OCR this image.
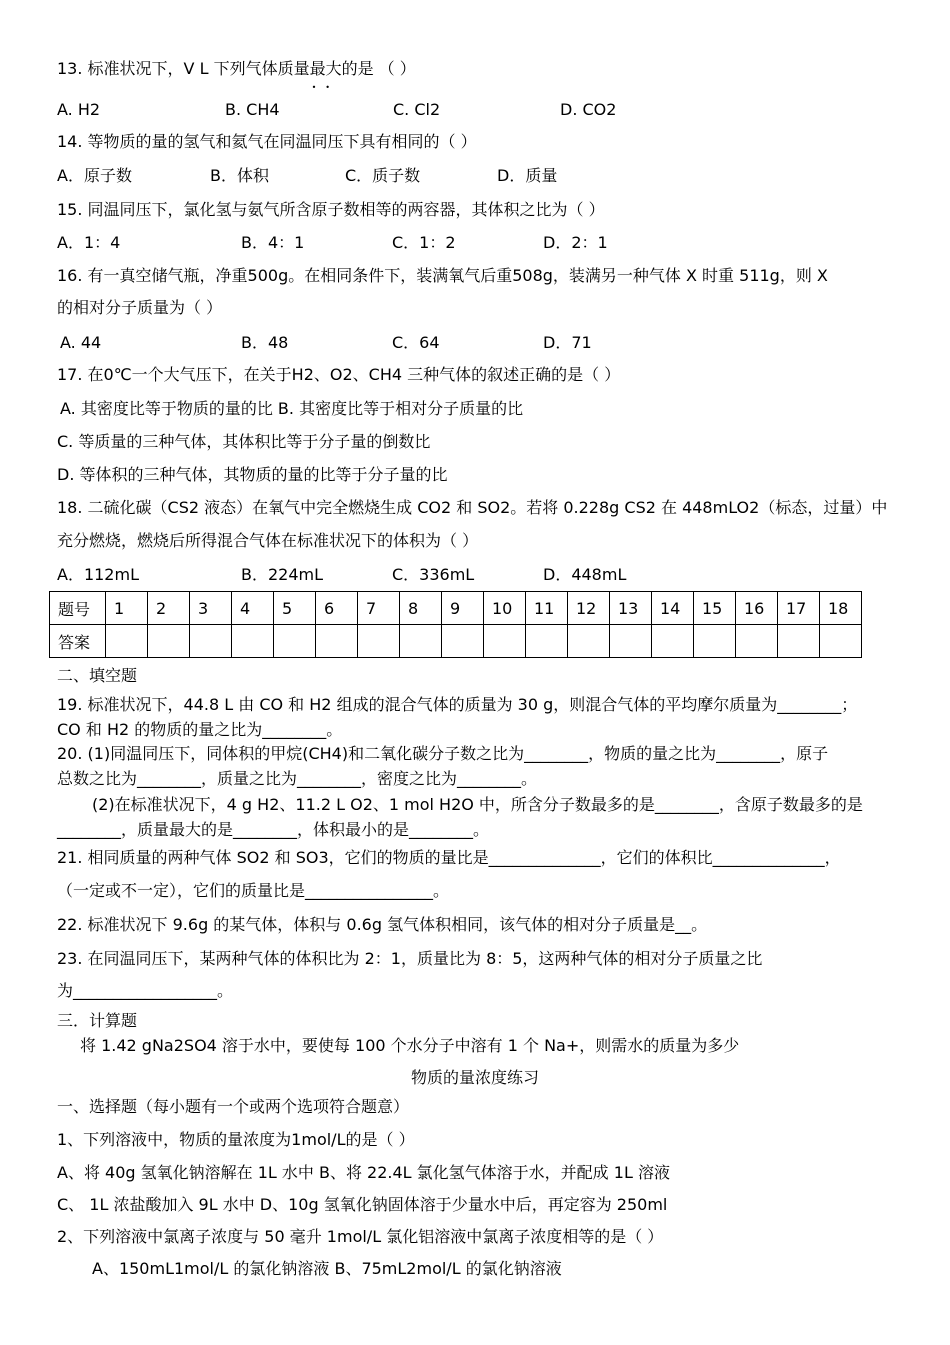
13. 标准状况下，V L 下列气体质量最大
••
的是 （ ）
A. H2	B. CH4	C. Cl2	D. CO2
14. 等物质的量的氢气和氦气在同温同压下具有相同的（ ）
A．原子数	B．体积	C．质子数	D．质量
15. 同温同压下，氯化氢与氨气所含原子数相等的两容器，其体积之比为（ ）
A．1：4	B．4：1	C．1：2	D．2：1
16. 有一真空储气瓶，净重500g。在相同条件下，装满氧气后重508g，装满另一种气体 X 时重 511g，则 X
的相对分子质量为（ ）
A. 44	B．48	C．64	D．71
17. 在0℃一个大气压下，在关于H2、O2、CH4 三种气体的叙述正确的是（ ）
A. 其密度比等于物质的量的比 B. 其密度比等于相对分子质量的比
C. 等质量的三种气体，其体积比等于分子量的倒数比
D. 等体积的三种气体，其物质的量的比等于分子量的比
18. 二硫化碳（CS2 液态）在氧气中完全燃烧生成 CO2 和 SO2。若将 0.228g CS2 在 448mLO2（标态，过量）中
充分燃烧，燃烧后所得混合气体在标准状况下的体积为（ ）
A．112mL	B．224mL	C．336mL	D．448mL
题号	1	2	3	4	5	6	7	8	9	10	11	12	13	14	15	16	17	18
答案																		
二、填空题
19. 标准状况下，44.8 L 由 CO 和 H2 组成的混合气体的质量为 30 g，则混合气体的平均摩尔质量为________；
CO 和 H2 的物质的量之比为________。
20. (1)同温同压下，同体积的甲烷(CH4)和二氧化碳分子数之比为________，物质的量之比为________，原子
总数之比为________，质量之比为________，密度之比为________。
(2)在标准状况下，4 g H2、11.2 L O2、1 mol H2O 中，所含分子数最多的是________，含原子数最多的是
________，质量最大的是________，体积最小的是________。
21. 相同质量的两种气体 SO2 和 SO3，它们的物质的量比是______________，它们的体积比______________，
（一定或不一定），它们的质量比是________________。
22. 标准状况下 9.6g 的某气体，体积与 0.6g 氢气体积相同，该气体的相对分子质量是__。
23. 在同温同压下，某两种气体的体积比为 2：1，质量比为 8：5，这两种气体的相对分子质量之比
为__________________。
三．计算题
将 1.42 gNa2SO4 溶于水中，要使每 100 个水分子中溶有 1 个 Na+，则需水的质量为多少
物质的量浓度练习
一、选择题（每小题有一个或两个选项符合题意）
1、下列溶液中，物质的量浓度为1mol/L的是（ ）
A、将 40g 氢氧化钠溶解在 1L 水中 B、将 22.4L 氯化氢气体溶于水，并配成 1L 溶液
C、 1L 浓盐酸加入 9L 水中 D、10g 氢氧化钠固体溶于少量水中后，再定容为 250ml
2、下列溶液中氯离子浓度与 50 毫升 1mol/L 氯化铝溶液中氯离子浓度相等的是（ ）
A、150mL1mol/L 的氯化钠溶液 B、75mL2mol/L 的氯化钠溶液
